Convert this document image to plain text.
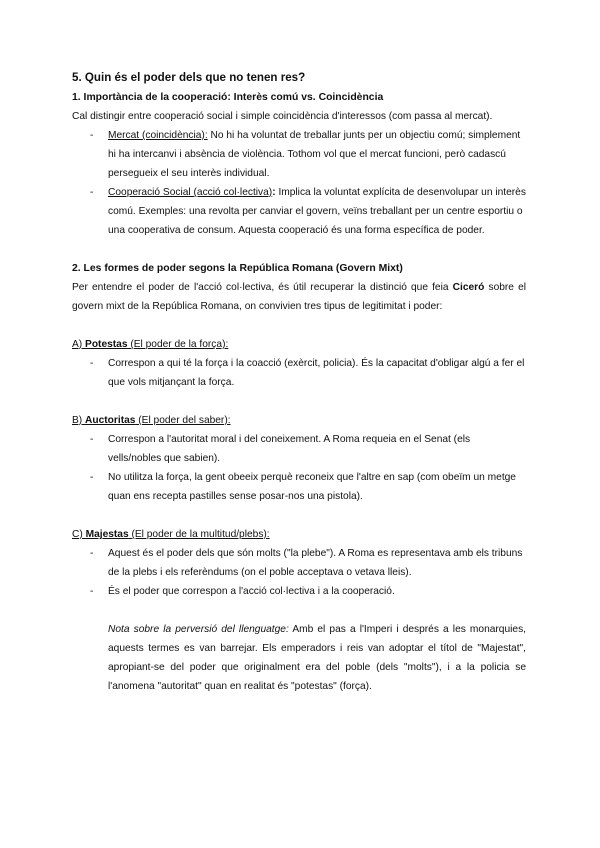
5. Quin és el poder dels que no tenen res?
1. Importància de la cooperació: Interès comú vs. Coincidència

Cal distingir entre cooperació social i simple coincidència d'interessos (com passa al mercat).

- Mercat (coincidència): No hi ha voluntat de treballar junts per un objectiu comú; simplement hi ha intercanvi i absència de violència. Tothom vol que el mercat funcioni, però cadascú persegueix el seu interès individual.
- Cooperació Social (acció col·lectiva): Implica la voluntat explícita de desenvolupar un interès comú. Exemples: una revolta per canviar el govern, veïns treballant per un centre esportiu o una cooperativa de consum. Aquesta cooperació és una forma específica de poder.
2. Les formes de poder segons la República Romana (Govern Mixt)

Per entendre el poder de l'acció col·lectiva, és útil recuperar la distinció que feia Ciceró sobre el govern mixt de la República Romana, on convivien tres tipus de legitimitat i poder:

A) Potestas (El poder de la força):
- Correspon a qui té la força i la coacció (exèrcit, policia). És la capacitat d'obligar algú a fer el que vols mitjançant la força.
B) Auctoritas (El poder del saber):
- Correspon a l'autoritat moral i del coneixement. A Roma requeia en el Senat (els vells/nobles que sabien).
- No utilitza la força, la gent obeeix perquè reconeix que l'altre en sap (com obeïm un metge quan ens recepta pastilles sense posar-nos una pistola).
C) Majestas (El poder de la multitud/plebs):
- Aquest és el poder dels que són molts ("la plebe"). A Roma es representava amb els tribuns de la plebs i els referèndums (on el poble acceptava o vetava lleis).
- És el poder que correspon a l'acció col·lectiva i a la cooperació.

Nota sobre la perversió del llenguatge: Amb el pas a l'Imperi i després a les monarquies, aquests termes es van barrejar. Els emperadors i reis van adoptar el títol de "Majestat", apropiant-se del poder que originalment era del poble (dels "molts"), i a la policia se l'anomena "autoritat" quan en realitat és "potestas" (força).
